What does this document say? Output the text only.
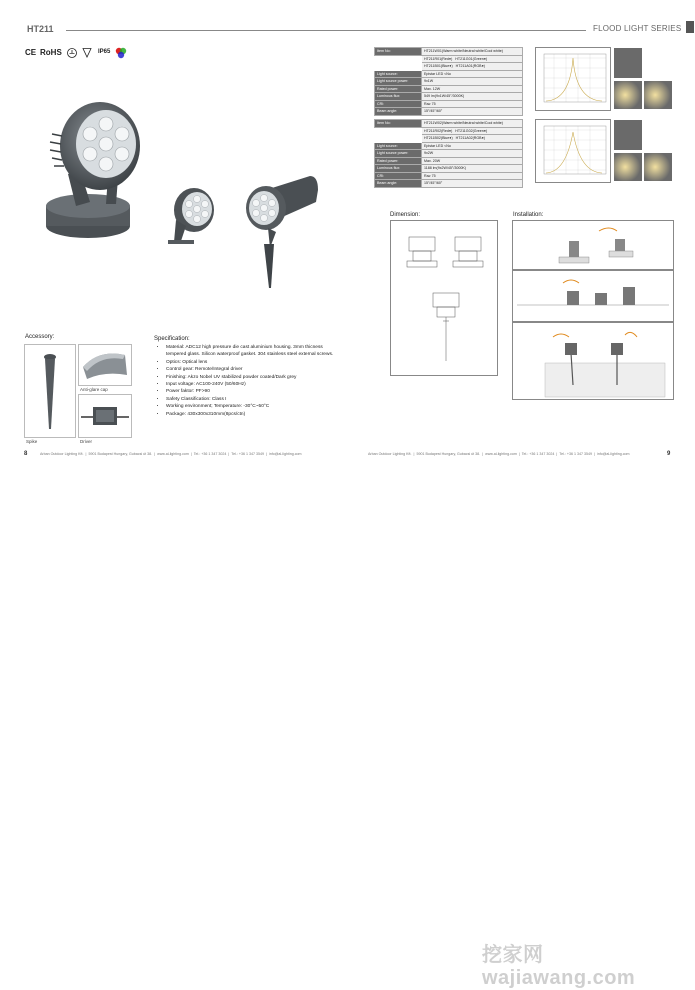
HT211	FLOOD LIGHT SERIES
CE RoHS	IP65
Accessory:
Anti-glare cap
Spike	Driver
Specification:
• Material: ADC12 high pressure die cast aluminium housing. 3mm thicness tempered glass. Silicon waterproof gasket. 304 stainless steel external screws.
• Optics: Optical lens
• Control gear: Remote/Integral driver
• Finishing: Akzo Nobel UV stabilized powder coated/Dark grey
• Input voltage: AC100-240V (50/60Hz)
• Power faktor: PF>90
• Safety Classification: Class I
• Working environment; Temperature: -30°C~50°C
• Package: 430x300x310mm(8pcs/ctn)
8	Arban Outdoor Lighting Kft.  |  5901 Budapest Hungary, Gubacsi út 38.  |  www.al-lighting.com  |  Tel.: +36 1 347 3024  |  Tel.: +36 1 347 3549  |  info@al-lighting.com
Item No:	HT211W01(Warm white/Neutral white/Cool white)
	HT211R01(Red●) HT211G01(Green●)
	HT211B01(Blue●) HT211A01(RGB●)
Light source:	Epistar LED <No
Light source power:	9x1W
Rated power:	Max. 12W
Luminous flux:	549 lm(9x1W/45°/3000K)
CRI:	Ra≥ 75
Beam angle:	15°/45°/60°
Item No:	HT211W02(Warm white/Neutral white/Cool white)
	HT211R02(Red●) HT211G02(Green●)
	HT211B02(Blue●) HT211A02(RGB●)
Light source:	Epistar LED <No
Light source power:	9x2W
Rated power:	Max. 20W
Luminous flux:	1188 lm(9x2W/45°/3000K)
CRI:	Ra≥ 75
Beam angle:	15°/45°/60°
Dimension:	Installation:
Arban Outdoor Lighting Kft.  |  5901 Budapest Hungary, Gubacsi út 38.  |  www.al-lighting.com  |  Tel.: +36 1 347 3024  |  Tel.: +36 1 347 3549  |  info@al-lighting.com	9
挖家网 wajiawang.com
